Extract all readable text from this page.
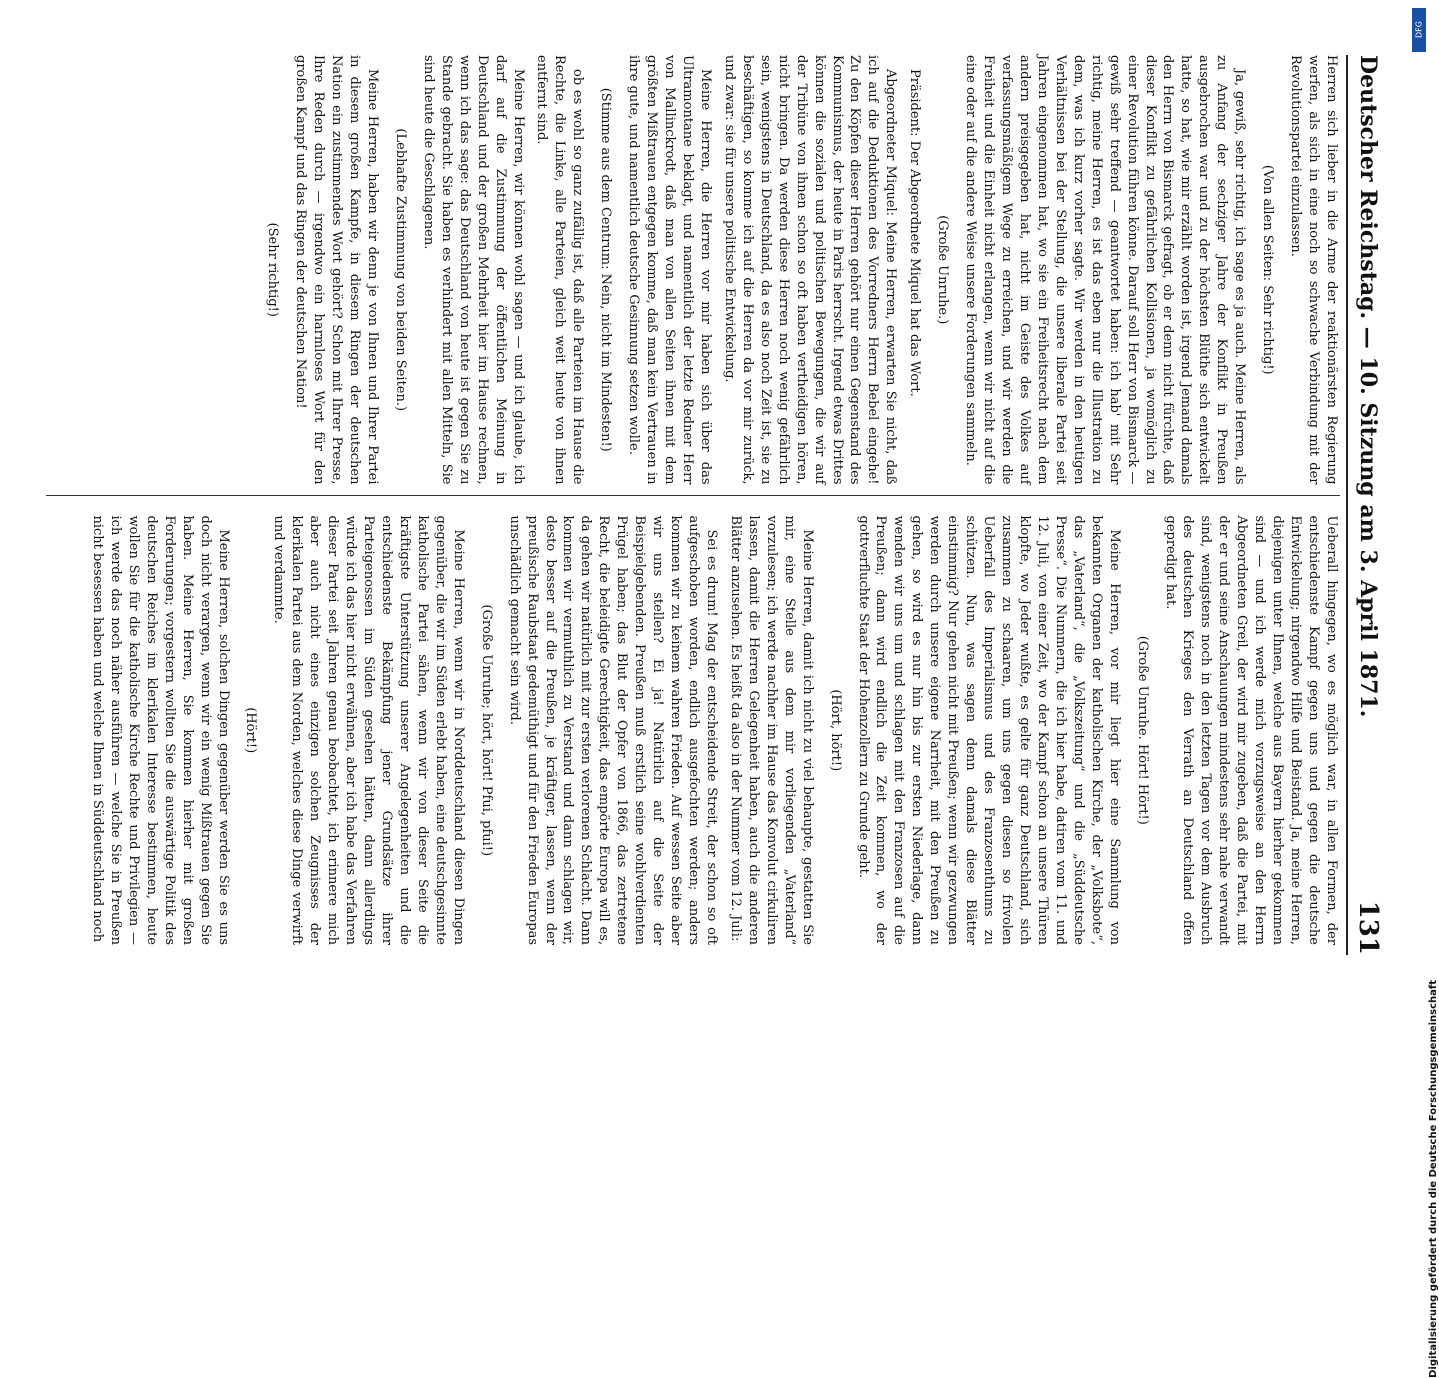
Deutscher Reichstag. — 10. Sitzung am 3. April 1871.
131

Herren sich lieber in die Arme der reaktionärsten Regierung werfen, als sich in eine noch so schwache Verbindung mit der Revolutionspartei einzulassen.

(Von allen Seiten: Sehr richtig!)

Ja, gewiß, sehr richtig, ich sage es ja auch. Meine Herren, als zu Anfang der sechziger Jahre der Konflikt in Preußen ausgebrochen war und zu der höchsten Blüthe sich entwickelt hatte, so hat, wie mir erzählt worden ist, irgend Jemand damals den Herrn von Bismarck gefragt, ob er denn nicht fürchte, daß dieser Konflikt zu gefährlichen Kollisionen, ja womöglich zu einer Revolution führen könne. Darauf soll Herr von Bismarck — gewiß sehr treffend — geantwortet haben: ich hab' mit Sehr richtig, meine Herren, es ist das eben nur die Illustration zu dem, was ich kurz vorher sagte. Wir werden in den heutigen Verhältnissen bei der Stellung, die unsere liberale Partei seit Jahren eingenommen hat, wo sie ein Freiheitsrecht nach dem andern preisgegeben hat, nicht im Geiste des Volkes auf verfassungsmäßigem Wege zu erreichen, und wir werden die Freiheit und die Einheit nicht erlangen, wenn wir nicht auf die eine oder auf die andere Weise unsere Forderungen sammeln.

(Große Unruhe.)

Präsident: Der Abgeordnete Miquel hat das Wort.

Abgeordneter Miquel: Meine Herren, erwarten Sie nicht, daß ich auf die Deduktionen des Vorredners Herrn Bebel eingehe! Zu den Köpfen dieser Herren gehört nur einen Gegenstand des Kommunismus, der heute in Paris herrscht. Irgend etwas Drittes können die sozialen und politischen Bewegungen, die wir auf der Tribüne von ihnen schon so oft haben vertheidigen hören, nicht bringen. Da werden diese Herren noch wenig gefährlich sein, wenigstens in Deutschland, da es also noch Zeit ist, sie zu beschäftigen, so komme ich auf die Herren da vor mir zurück, und zwar: sie für unsere politische Entwickelung.

Meine Herren, die Herren vor mir haben sich über das Ultramontane beklagt, und namentlich der letzte Redner Herr von Mallinckrodt, daß man von allen Seiten ihnen mit dem größten Mißtrauen entgegen komme, daß man kein Vertrauen in ihre gute, und namentlich deutsche Gesinnung setzen wolle.

(Stimme aus dem Centrum: Nein, nicht im Mindesten!)

ob es wohl so ganz zufällig ist, daß alle Parteien im Hause die Rechte, die Linke, alle Parteien, gleich weit heute von ihnen entfernt sind.

Meine Herren, wir können wohl sagen — und ich glaube, ich darf auf die Zustimmung der öffentlichen Meinung in Deutschland und der großen Mehrheit hier im Hause rechnen, wenn ich das sage: das Deutschland von heute ist gegen Sie zu Stande gebracht. Sie haben es verhindert mit allen Mitteln, Sie sind heute die Geschlagenen.

(Lebhafte Zustimmung von beiden Seiten.)

Meine Herren, haben wir denn je von Ihnen und Ihrer Partei in diesem großen Kampfe, in diesem Ringen der deutschen Nation ein zustimmendes Wort gehört? Schon mit Ihrer Presse, Ihre Reden durch — irgendwo ein harmloses Wort für den großen Kampf und das Ringen der deutschen Nation!

(Sehr richtig!)

Ueberall hingegen, wo es möglich war, in allen Formen, der entschiedenste Kampf gegen uns und gegen die deutsche Entwickelung; nirgendwo Hilfe und Beistand. Ja, meine Herren, diejenigen unter Ihnen, welche aus Bayern hierher gekommen sind — und ich werde mich vorzugsweise an den Herrn Abgeordneten Greil, der wird mir zugeben, daß die Partei, mit der er und seine Anschauungen mindestens sehr nahe verwandt sind, wenigstens noch in den letzten Tagen vor dem Ausbruch des deutschen Krieges den Verrath an Deutschland offen gepredigt hat.

(Große Unruhe. Hört! Hört!)

Meine Herren, vor mir liegt hier eine Sammlung von bekannten Organen der katholischen Kirche, der „Volksbote“, das „Vaterland“, die „Volkszeitung“ und die „Süddeutsche Presse“. Die Nummern, die ich hier habe, datiren vom 11. und 12. Juli, von einer Zeit, wo der Kampf schon an unsere Thüren klopfte, wo Jeder wußte, es gelte für ganz Deutschland, sich zusammen zu schaaren, um uns gegen diesen so frivolen Ueberfall des Imperialismus und des Franzosenthums zu schützen. Nun, was sagen denn damals diese Blätter einstimmig? Nur gehen nicht mit Preußen; wenn wir gezwungen werden durch unsere eigene Narrheit, mit den Preußen zu gehen, so wird es nur hin bis zur ersten Niederlage, dann wenden wir uns um und schlagen mit den Franzosen auf die Preußen; dann wird endlich die Zeit kommen, wo der gottverfluchte Staat der Hohenzollern zu Grunde geht.

(Hört, hört!)

Meine Herren, damit ich nicht zu viel behaupte, gestatten Sie mir, eine Stelle aus dem mir vorliegenden „Vaterland“ vorzulesen; ich werde nachher im Hause das Konvolut cirkuliren lassen, damit die Herren Gelegenheit haben, auch die anderen Blätter anzusehen. Es heißt da also in der Nummer vom 12. Juli:

Sei es drum! Mag der entscheidende Streit, der schon so oft aufgeschoben worden, endlich ausgefochten werden; anders kommen wir zu keinem wahren Frieden. Auf wessen Seite aber wir uns stellen? Ei ja! Natürlich auf die Seite der Beispielgebenden. Preußen muß erstlich seine wohlverdienten Prügel haben; das Blut der Opfer von 1866, das zertretene Recht, die beleidigte Gerechtigkeit, das empörte Europa will es, da gehen wir natürlich mit zur ersten verlorenen Schlacht. Dann kommen wir vermuthlich zu Verstand und dann schlagen wir, desto besser auf die Preußen, je kräftiger, lassen, wenn der preußische Raubstaat gedemüthigt und für den Frieden Europas unschädlich gemacht sein wird.

(Große Unruhe; hört, hört! Pfui, pfui!)

Meine Herren, wenn wir in Norddeutschland diesen Dingen gegenüber, die wir im Süden erlebt haben, eine deutschgesinnte katholische Partei sähen, wenn wir von dieser Seite die kräftigste Unterstützung unserer Angelegenheiten und die entschiedenste Bekämpfung jener Grundsätze ihrer Parteigenossen im Süden gesehen hätten, dann allerdings würde ich das hier nicht erwähnen, aber ich habe das Verfahren dieser Partei seit Jahren genau beobachtet, ich erinnere mich aber auch nicht eines einzigen solchen Zeugnisses der klerikalen Partei aus dem Norden, welches diese Dinge verwirft und verdammte.

(Hört!)

Meine Herren, solchen Dingen gegenüber werden Sie es uns doch nicht verargen, wenn wir ein wenig Mißtrauen gegen Sie haben. Meine Herren, Sie kommen hierher mit großen Forderungen; vorgestern wollten Sie die auswärtige Politik des deutschen Reiches im klerikalen Interesse bestimmen, heute wollen Sie für die katholische Kirche Rechte und Privilegien — ich werde das noch näher ausführen — welche Sie in Preußen nicht besessen haben und welche Ihnen in Süddeutschland noch

DFG
Digitalisierung gefördert durch die Deutsche Forschungsgemeinschaft
